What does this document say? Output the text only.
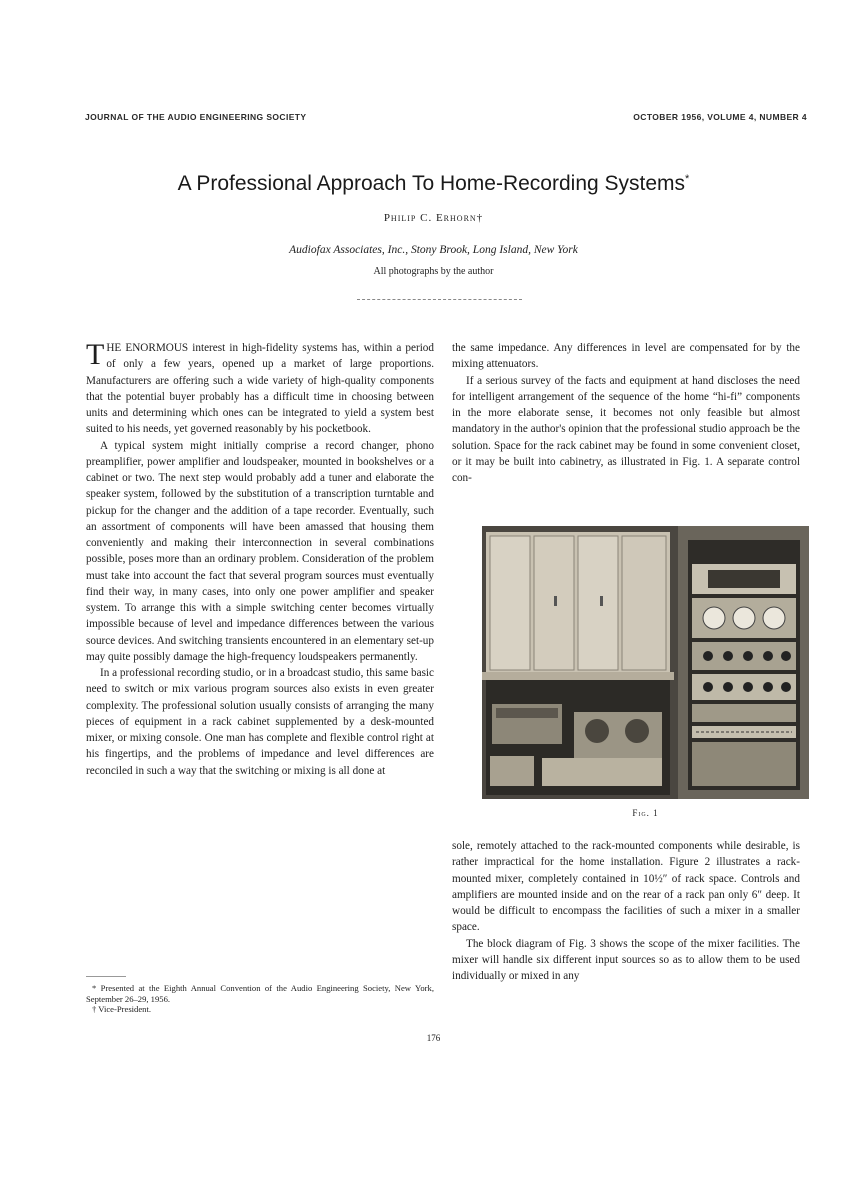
JOURNAL OF THE AUDIO ENGINEERING SOCIETY	OCTOBER 1956, VOLUME 4, NUMBER 4
A Professional Approach To Home-Recording Systems*
Philip C. Erhorn†
Audiofax Associates, Inc., Stony Brook, Long Island, New York
All photographs by the author

THE ENORMOUS interest in high-fidelity systems has, within a period of only a few years, opened up a market of large proportions. Manufacturers are offering such a wide variety of high-quality components that the potential buyer probably has a difficult time in choosing between units and determining which ones can be integrated to yield a system best suited to his needs, yet governed reasonably by his pocketbook.

A typical system might initially comprise a record changer, phono preamplifier, power amplifier and loudspeaker, mounted in bookshelves or a cabinet or two. The next step would probably add a tuner and elaborate the speaker system, followed by the substitution of a transcription turntable and pickup for the changer and the addition of a tape recorder. Eventually, such an assortment of components will have been amassed that housing them conveniently and making their interconnection in several combinations possible, poses more than an ordinary problem. Consideration of the problem must take into account the fact that several program sources must eventually find their way, in many cases, into only one power amplifier and speaker system. To arrange this with a simple switching center becomes virtually impossible because of level and impedance differences between the various source devices. And switching transients encountered in an elementary set-up may quite possibly damage the high-frequency loudspeakers permanently.

In a professional recording studio, or in a broadcast studio, this same basic need to switch or mix various program sources also exists in even greater complexity. The professional solution usually consists of arranging the many pieces of equipment in a rack cabinet supplemented by a desk-mounted mixer, or mixing console. One man has complete and flexible control right at his fingertips, and the problems of impedance and level differences are reconciled in such a way that the switching or mixing is all done at

* Presented at the Eighth Annual Convention of the Audio Engineering Society, New York, September 26–29, 1956.

† Vice-President.

the same impedance. Any differences in level are compensated for by the mixing attenuators.

If a serious survey of the facts and equipment at hand discloses the need for intelligent arrangement of the sequence of the home “hi-fi” components in the more elaborate sense, it becomes not only feasible but almost mandatory in the author's opinion that the professional studio approach be the solution. Space for the rack cabinet may be found in some convenient closet, or it may be built into cabinetry, as illustrated in Fig. 1. A separate control con-

Fig. 1

sole, remotely attached to the rack-mounted components while desirable, is rather impractical for the home installation. Figure 2 illustrates a rack-mounted mixer, completely contained in 10½″ of rack space. Controls and amplifiers are mounted inside and on the rear of a rack pan only 6″ deep. It would be difficult to encompass the facilities of such a mixer in a smaller space.

The block diagram of Fig. 3 shows the scope of the mixer facilities. The mixer will handle six different input sources so as to allow them to be used individually or mixed in any

176
